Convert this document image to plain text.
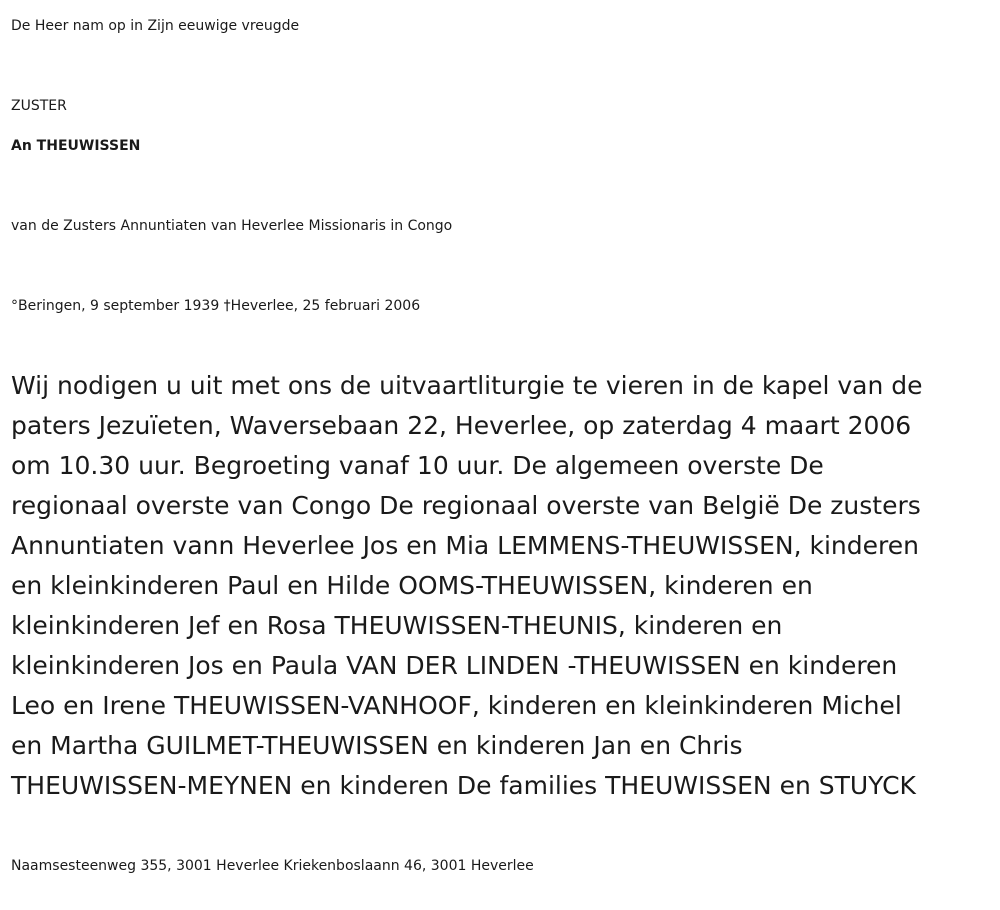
De Heer nam op in Zijn eeuwige vreugde

ZUSTER

An THEUWISSEN

van de Zusters Annuntiaten van Heverlee Missionaris in Congo

°Beringen, 9 september 1939 †Heverlee, 25 februari 2006

Wij nodigen u uit met ons de uitvaartliturgie te vieren in de kapel van de
paters Jezuïeten, Waversebaan 22, Heverlee, op zaterdag 4 maart 2006
om 10.30 uur. Begroeting vanaf 10 uur. De algemeen overste De
regionaal overste van Congo De regionaal overste van België De zusters
Annuntiaten vann Heverlee Jos en Mia LEMMENS-THEUWISSEN, kinderen
en kleinkinderen Paul en Hilde OOMS-THEUWISSEN, kinderen en
kleinkinderen Jef en Rosa THEUWISSEN-THEUNIS, kinderen en
kleinkinderen Jos en Paula VAN DER LINDEN -THEUWISSEN en kinderen
Leo en Irene THEUWISSEN-VANHOOF, kinderen en kleinkinderen Michel
en Martha GUILMET-THEUWISSEN en kinderen Jan en Chris
THEUWISSEN-MEYNEN en kinderen De families THEUWISSEN en STUYCK

Naamsesteenweg 355, 3001 Heverlee Kriekenboslaann 46, 3001 Heverlee
